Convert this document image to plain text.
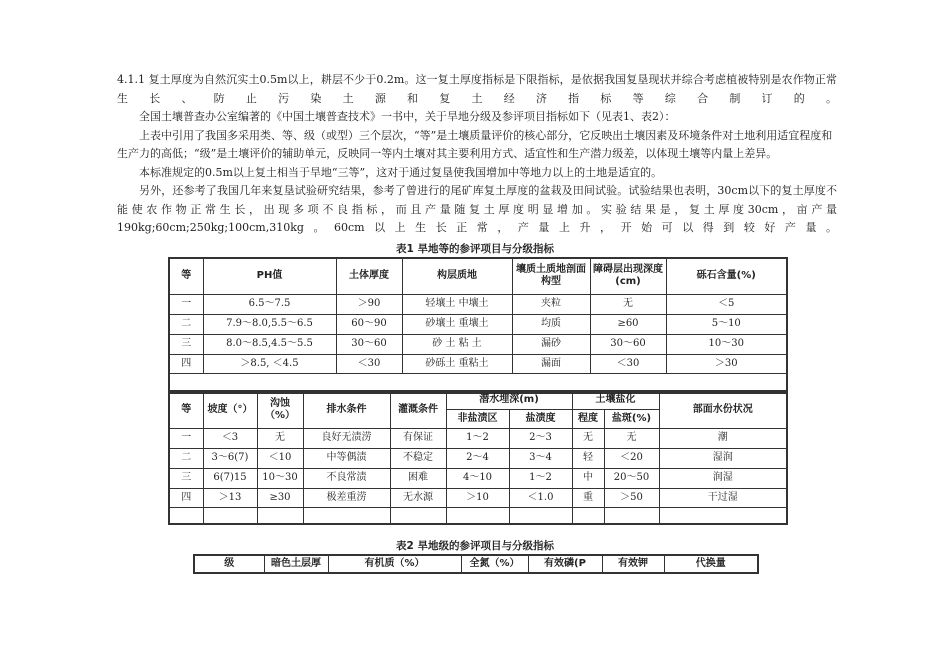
4.1.1 复土厚度为自然沉实土0.5m以上，耕层不少于0.2m。这一复土厚度指标是下限指标，是依据我国复垦现状并综合考虑植被特别是农作物正常生长、防止污染土源和复土经济指标等综合制订的。

全国土壤普查办公室编著的《中国土壤普查技术》一书中，关于旱地分级及参评项目指标如下（见表1、表2）：

上表中引用了我国多采用类、等、级（或型）三个层次，“等”是土壤质量评价的核心部分，它反映出土壤因素及环境条件对土地利用适宜程度和生产力的高低；“级”是土壤评价的辅助单元，反映同一等内土壤对其主要利用方式、适宜性和生产潜力级差，以体现土壤等内量上差异。

本标准规定的0.5m以上复土相当于旱地“三等”，这对于通过复垦使我国增加中等地力以上的土地是适宜的。

另外，还参考了我国几年来复垦试验研究结果，参考了曾进行的尾矿库复土厚度的盆栽及田间试验。试验结果也表明，30cm以下的复土厚度不能使农作物正常生长，出现多项不良指标，而且产量随复土厚度明显增加。实验结果是，复土厚度30cm，亩产量190kg;60cm;250kg;100cm,310kg。60cm以上生长正常，产量上升，开始可以得到较好产量。

表1 旱地等的参评项目与分级指标
等	PH值	土体厚度	构层质地	壤质土质地剖面构型	障碍层出现深度(cm)	砾石含量(%)
一	6.5～7.5	＞90	轻壤土 中壤土	夹粒	无	＜5
二	7.9～8.0,5.5～6.5	60～90	砂壤土 重壤土	均质	≥60	5～10
三	8.0～8.5,4.5～5.5	30～60	砂 土 粘 土	漏砂	30～60	10～30
四	＞8.5, ＜4.5	＜30	砂砾土 重粘土	漏面	＜30	＞30

等	坡度（°）	沟蚀（%）	排水条件	灌溉条件	潜水埋深(m)		土壤盐化		部面水份状况
					非盐渍区	盐渍度	程度	盐斑(%)	
一	＜3	无	良好无渍涝	有保证	1～2	2～3	无	无	潮
二	3～6(7)	＜10	中等偶渍	不稳定	2～4	3～4	轻	＜20	湿润
三	6(7)15	10～30	不良常渍	困难	4～10	1～2	中	20～50	润湿
四	＞13	≥30	极差重涝	无水源	＞10	＜1.0	重	＞50	干过湿

表2 旱地级的参评项目与分级指标
级	暗色土层厚	有机质（%）	全氮（%）	有效磷(P	有效钾	代换量
